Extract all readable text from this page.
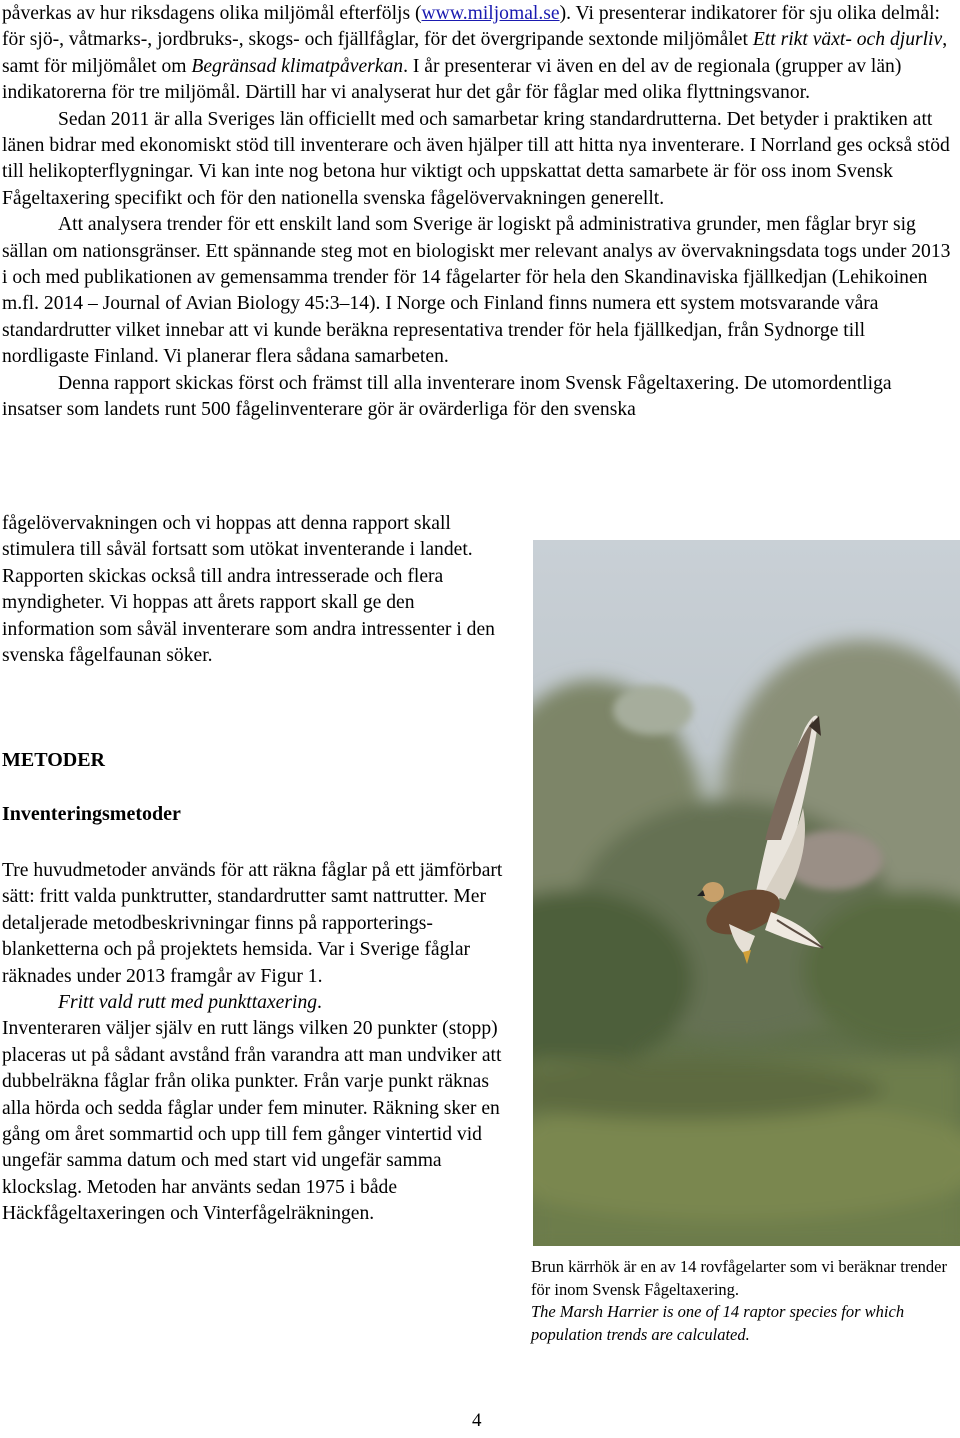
påverkas av hur riksdagens olika miljömål efterföljs (www.miljomal.se). Vi presenterar indikatorer för sju olika delmål: för sjö-, våtmarks-, jordbruks-, skogs- och fjällfåglar, för det övergripande sextonde miljömålet Ett rikt växt- och djurliv, samt för miljömålet om Begränsad klimatpåverkan. I år presenterar vi även en del av de regionala (grupper av län) indikatorerna för tre miljömål. Därtill har vi analyserat hur det går för fåglar med olika flyttningsvanor.

Sedan 2011 är alla Sveriges län officiellt med och samarbetar kring standardrutterna. Det betyder i praktiken att länen bidrar med ekonomiskt stöd till inventerare och även hjälper till att hitta nya inventerare. I Norrland ges också stöd till helikopterflygningar. Vi kan inte nog betona hur viktigt och uppskattat detta samarbete är för oss inom Svensk Fågeltaxering specifikt och för den nationella svenska fågelövervakningen generellt.

Att analysera trender för ett enskilt land som Sverige är logiskt på administrativa grunder, men fåglar bryr sig sällan om nationsgränser. Ett spännande steg mot en biologiskt mer relevant analys av övervakningsdata togs under 2013 i och med publikationen av gemensamma trender för 14 fågelarter för hela den Skandinaviska fjällkedjan (Lehikoinen m.fl. 2014 – Journal of Avian Biology 45:3–14). I Norge och Finland finns numera ett system motsvarande våra standardrutter vilket innebar att vi kunde beräkna representativa trender för hela fjällkedjan, från Sydnorge till nordligaste Finland. Vi planerar flera sådana samarbeten.

Denna rapport skickas först och främst till alla inventerare inom Svensk Fågeltaxering. De utomordentliga insatser som landets runt 500 fågelinventerare gör är ovärderliga för den svenska

fågelövervakningen och vi hoppas att denna rapport skall stimulera till såväl fortsatt som utökat inventerande i landet. Rapporten skickas också till andra intresserade och flera myndigheter. Vi hoppas att årets rapport skall ge den information som såväl inventerare som andra intressenter i den svenska fågelfaunan söker.

METODER
Inventeringsmetoder

Tre huvudmetoder används för att räkna fåglar på ett jämförbart sätt: fritt valda punktrutter, standardrutter samt nattrutter. Mer detaljerade metodbeskrivningar finns på rapporterings-blanketterna och på projektets hemsida. Var i Sverige fåglar räknades under 2013 framgår av Figur 1.

Fritt vald rutt med punkttaxering.

Inventeraren väljer själv en rutt längs vilken 20 punkter (stopp) placeras ut på sådant avstånd från varandra att man undviker att dubbelräkna fåglar från olika punkter. Från varje punkt räknas alla hörda och sedda fåglar under fem minuter. Räkning sker en gång om året sommartid och upp till fem gånger vintertid vid ungefär samma datum och med start vid ungefär samma klockslag. Metoden har använts sedan 1975 i både Häckfågeltaxeringen och Vinterfågelräkningen.

Brun kärrhök är en av 14 rovfågelarter som vi beräknar trender för inom Svensk Fågeltaxering.
The Marsh Harrier is one of 14 raptor species for which population trends are calculated.
4
